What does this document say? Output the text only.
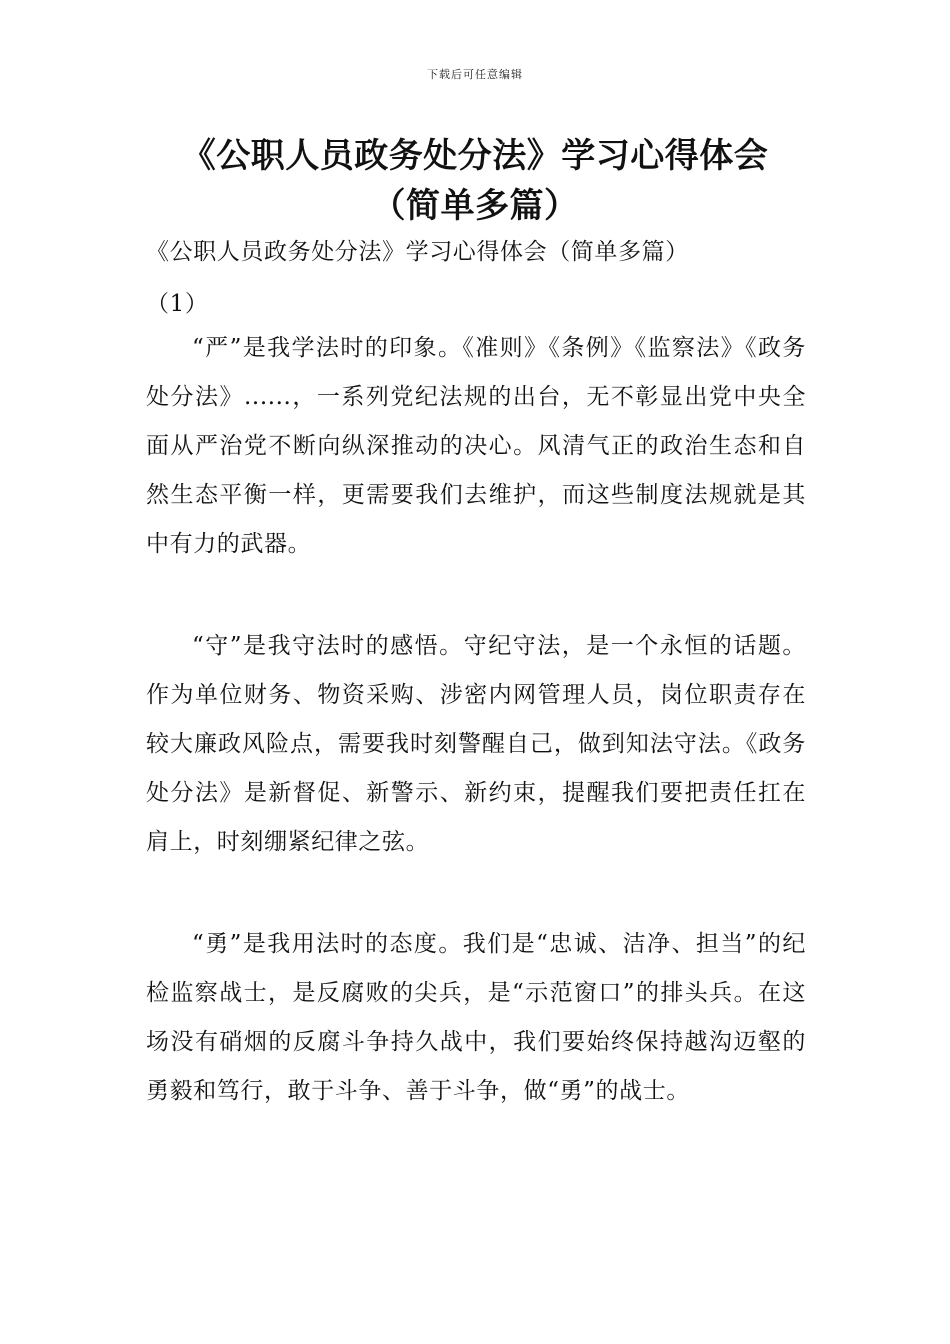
下载后可任意编辑
《公职人员政务处分法》学习心得体会
（简单多篇）
《公职人员政务处分法》学习心得体会（简单多篇）
（1）
“严”是我学法时的印象。《准则》《条例》《监察法》《政务处分法》......，一系列党纪法规的出台，无不彰显出党中央全面从严治党不断向纵深推动的决心。风清气正的政治生态和自然生态平衡一样，更需要我们去维护，而这些制度法规就是其中有力的武器。
“守”是我守法时的感悟。守纪守法，是一个永恒的话题。作为单位财务、物资采购、涉密内网管理人员，岗位职责存在较大廉政风险点，需要我时刻警醒自己，做到知法守法。《政务处分法》是新督促、新警示、新约束，提醒我们要把责任扛在肩上，时刻绷紧纪律之弦。
“勇”是我用法时的态度。我们是“忠诚、洁净、担当”的纪检监察战士，是反腐败的尖兵，是“示范窗口”的排头兵。在这场没有硝烟的反腐斗争持久战中，我们要始终保持越沟迈壑的勇毅和笃行，敢于斗争、善于斗争，做“勇”的战士。
